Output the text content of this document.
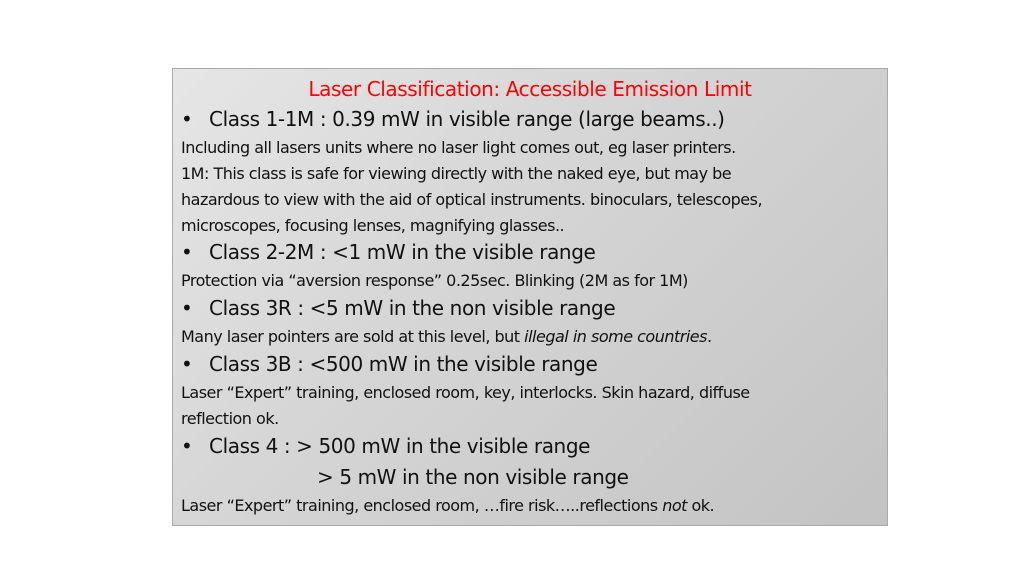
Laser Classification: Accessible Emission Limit
• Class 1-1M : 0.39 mW in visible range (large beams..)
Including all lasers units where no laser light comes out, eg laser printers.
1M: This class is safe for viewing directly with the naked eye, but may be
hazardous to view with the aid of optical instruments. binoculars, telescopes,
microscopes, focusing lenses, magnifying glasses..
• Class 2-2M : <1 mW in the visible range
Protection via “aversion response” 0.25sec. Blinking (2M as for 1M)
• Class 3R : <5 mW in the non visible range
Many laser pointers are sold at this level, but illegal in some countries.
• Class 3B : <500 mW in the visible range
Laser “Expert” training, enclosed room, key, interlocks. Skin hazard, diffuse
reflection ok.
• Class 4 : > 500 mW in the visible range
> 5 mW in the non visible range
Laser “Expert” training, enclosed room, …fire risk…..reflections not ok.
